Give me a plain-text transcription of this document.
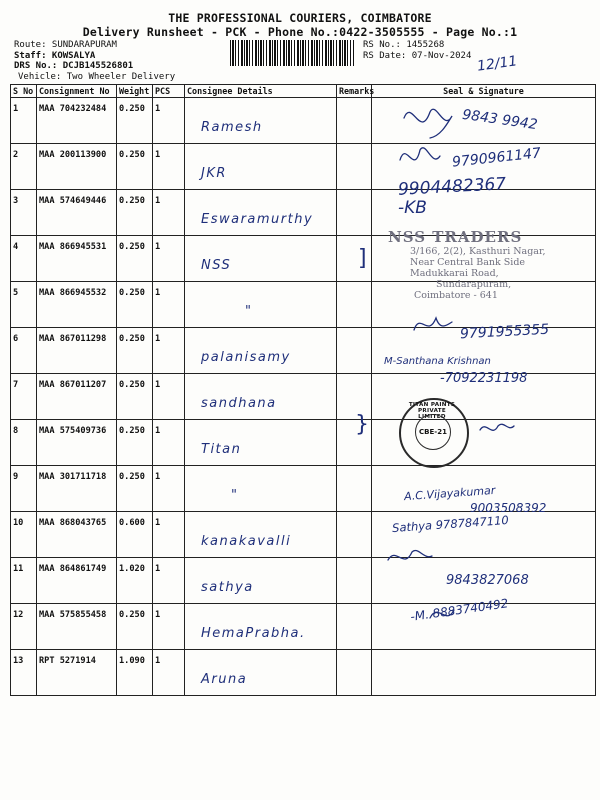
THE PROFESSIONAL COURIERS, COIMBATORE
Delivery Runsheet - PCK - Phone No.:0422-3505555 - Page No.:1
Route: SUNDARAPURAM
Staff: KOWSALYA
DRS No.: DCJB145526801
Vehicle: Two Wheeler Delivery
RS No.: 1455268
RS Date: 07-Nov-2024 12/11
S No	Consignment No	Weight	PCS	Consignee Details	Remarks	Seal & Signature
1	MAA 704232484	0.250	1	Ramesh		

2	MAA 200113900	0.250	1	JKR		

3	MAA 574649446	0.250	1	Eswaramurthy		

4	MAA 866945531	0.250	1	NSS		

5	MAA 866945532	0.250	1	"		

6	MAA 867011298	0.250	1	palanisamy		

7	MAA 867011207	0.250	1	sandhana		

8	MAA 575409736	0.250	1	Titan		

9	MAA 301711718	0.250	1	"		

10	MAA 868043765	0.600	1	kanakavalli		

11	MAA 864861749	1.020	1	sathya		

12	MAA 575855458	0.250	1	HemaPrabha.		

13	RPT 5271914	1.090	1	Aruna		

9843 9942
9790961147
9904482367
-KB
9791955355
M-Santhana Krishnan
-7092231198
A.C.Vijayakumar
9003508392
Sathya 9787847110
9843827068
-M. 8883740492
]
}
NSS TRADERS
3/166, 2(2), Kasthuri Nagar,
Near Central Bank Side
Madukkarai Road,
Sundarapuram,
Coimbatore - 641
TITAN PAINTS PRIVATE LIMITED
CBE-21
